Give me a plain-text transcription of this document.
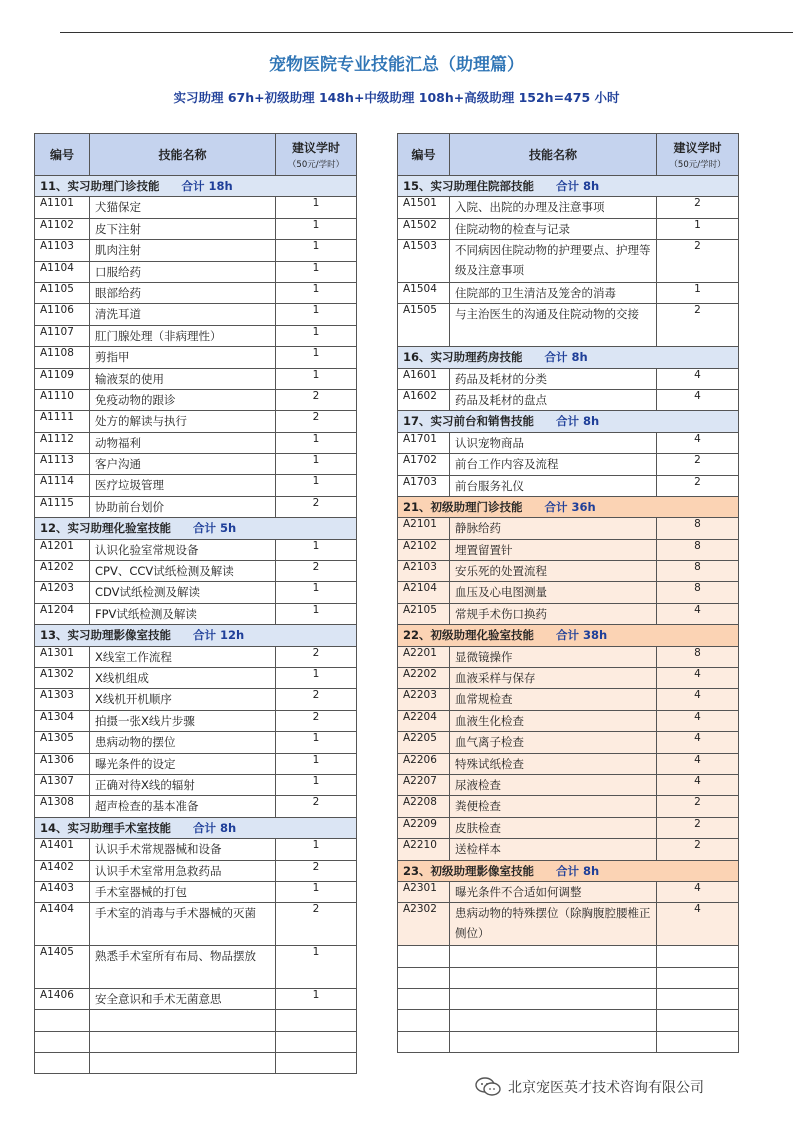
宠物医院专业技能汇总（助理篇）
实习助理 67h+初级助理 148h+中级助理 108h+高级助理 152h=475 小时
编号	技能名称	建议学时
（50元/学时）

11、实习助理门诊技能 合计 18h		
A1101	犬猫保定	1
A1102	皮下注射	1
A1103	肌肉注射	1
A1104	口服给药	1
A1105	眼部给药	1
A1106	清洗耳道	1
A1107	肛门腺处理（非病理性）	1
A1108	剪指甲	1
A1109	输液泵的使用	1
A1110	免疫动物的跟诊	2
A1111	处方的解读与执行	2
A1112	动物福利	1
A1113	客户沟通	1
A1114	医疗垃圾管理	1
A1115	协助前台划价	2
12、实习助理化验室技能 合计 5h		
A1201	认识化验室常规设备	1
A1202	CPV、CCV试纸检测及解读	2
A1203	CDV试纸检测及解读	1
A1204	FPV试纸检测及解读	1
13、实习助理影像室技能 合计 12h		
A1301	X线室工作流程	2
A1302	X线机组成	1
A1303	X线机开机顺序	2
A1304	拍摄一张X线片步骤	2
A1305	患病动物的摆位	1
A1306	曝光条件的设定	1
A1307	正确对待X线的辐射	1
A1308	超声检查的基本准备	2
14、实习助理手术室技能 合计 8h		
A1401	认识手术常规器械和设备	1
A1402	认识手术室常用急救药品	2
A1403	手术室器械的打包	1
A1404	手术室的消毒与手术器械的灭菌	2
A1405	熟悉手术室所有布局、物品摆放	1
A1406	安全意识和手术无菌意思	1

编号	技能名称	建议学时
（50元/学时）

15、实习助理住院部技能 合计 8h		
A1501	入院、出院的办理及注意事项	2
A1502	住院动物的检查与记录	1
A1503	不同病因住院动物的护理要点、护理等级及注意事项	2
A1504	住院部的卫生清洁及笼舍的消毒	1
A1505	与主治医生的沟通及住院动物的交接	2
16、实习助理药房技能 合计 8h		
A1601	药品及耗材的分类	4
A1602	药品及耗材的盘点	4
17、实习前台和销售技能 合计 8h		
A1701	认识宠物商品	4
A1702	前台工作内容及流程	2
A1703	前台服务礼仪	2
21、初级助理门诊技能 合计 36h		
A2101	静脉给药	8
A2102	埋置留置针	8
A2103	安乐死的处置流程	8
A2104	血压及心电图测量	8
A2105	常规手术伤口换药	4
22、初级助理化验室技能 合计 38h		
A2201	显微镜操作	8
A2202	血液采样与保存	4
A2203	血常规检查	4
A2204	血液生化检查	4
A2205	血气离子检查	4
A2206	特殊试纸检查	4
A2207	尿液检查	4
A2208	粪便检查	2
A2209	皮肤检查	2
A2210	送检样本	2
23、初级助理影像室技能 合计 8h		
A2301	曝光条件不合适如何调整	4
A2302	患病动物的特殊摆位（除胸腹腔腰椎正侧位）	4

北京宠医英才技术咨询有限公司
